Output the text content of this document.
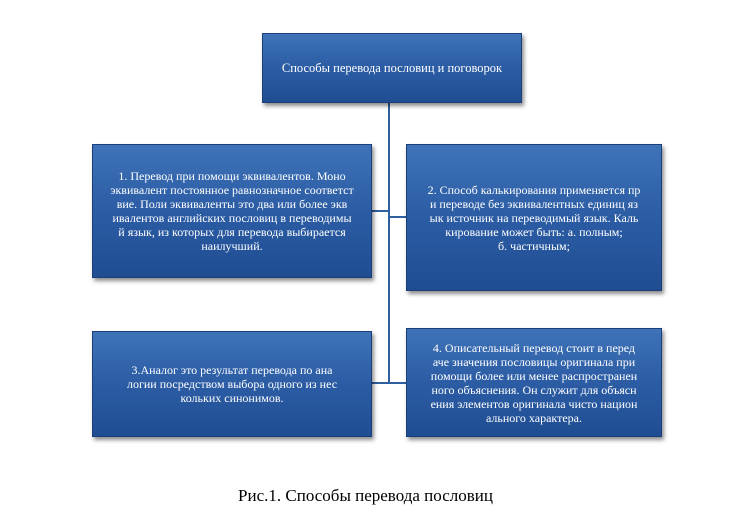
Способы перевода пословиц и поговорок
1. Перевод при помощи эквивалентов. Моно
эквивалент постоянное равнозначное соответст
вие. Поли эквиваленты это два или более экв
ивалентов английских пословиц в переводимы
й язык, из которых для перевода выбирается
наилучший.
2. Способ калькирования применяется пр
и переводе без эквивалентных единиц яз
ык источник на переводимый язык. Каль
кирование может быть: а. полным;
б. частичным;
3.Аналог это результат перевода по ана
логии посредством выбора одного из нес
кольких синонимов.
4. Описательный перевод стоит в перед
аче значения пословицы оригинала при
помощи более или менее распространен
ного объяснения. Он служит для объясн
ения элементов оригинала чисто национ
ального характера.
Рис.1. Способы перевода пословиц
